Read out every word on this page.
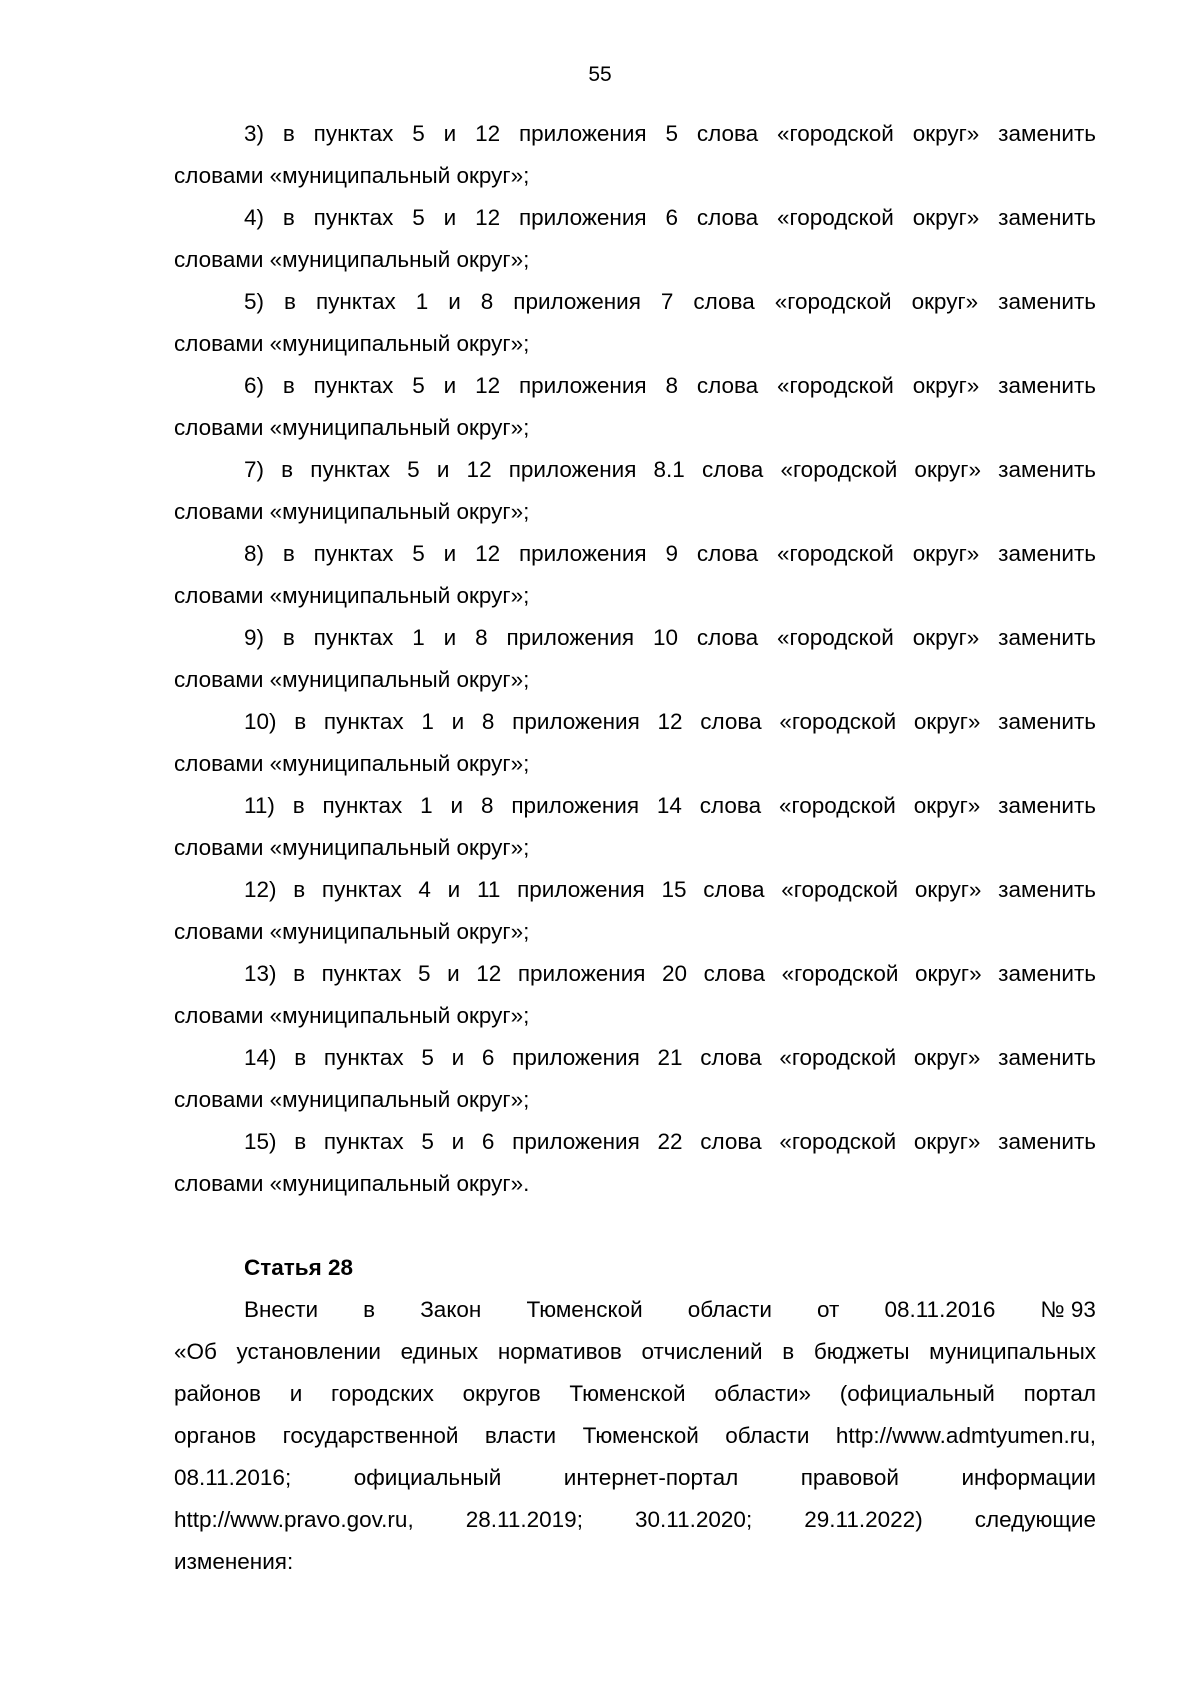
55
3) в пунктах 5 и 12 приложения 5 слова «городской округ» заменить
словами «муниципальный округ»;
4) в пунктах 5 и 12 приложения 6 слова «городской округ» заменить
словами «муниципальный округ»;
5) в пунктах 1 и 8 приложения 7 слова «городской округ» заменить
словами «муниципальный округ»;
6) в пунктах 5 и 12 приложения 8 слова «городской округ» заменить
словами «муниципальный округ»;
7) в пунктах 5 и 12 приложения 8.1 слова «городской округ» заменить
словами «муниципальный округ»;
8) в пунктах 5 и 12 приложения 9 слова «городской округ» заменить
словами «муниципальный округ»;
9) в пунктах 1 и 8 приложения 10 слова «городской округ» заменить
словами «муниципальный округ»;
10) в пунктах 1 и 8 приложения 12 слова «городской округ» заменить
словами «муниципальный округ»;
11) в пунктах 1 и 8 приложения 14 слова «городской округ» заменить
словами «муниципальный округ»;
12) в пунктах 4 и 11 приложения 15 слова «городской округ» заменить
словами «муниципальный округ»;
13) в пунктах 5 и 12 приложения 20 слова «городской округ» заменить
словами «муниципальный округ»;
14) в пунктах 5 и 6 приложения 21 слова «городской округ» заменить
словами «муниципальный округ»;
15) в пунктах 5 и 6 приложения 22 слова «городской округ» заменить
словами «муниципальный округ».
Статья 28
Внести в Закон Тюменской области от 08.11.2016 № 93
«Об установлении единых нормативов отчислений в бюджеты муниципальных
районов и городских округов Тюменской области» (официальный портал
органов государственной власти Тюменской области http://www.admtyumen.ru,
08.11.2016;	официальный	интернет-портал	правовой	информации
http://www.pravo.gov.ru, 28.11.2019; 30.11.2020; 29.11.2022) следующие
изменения:
